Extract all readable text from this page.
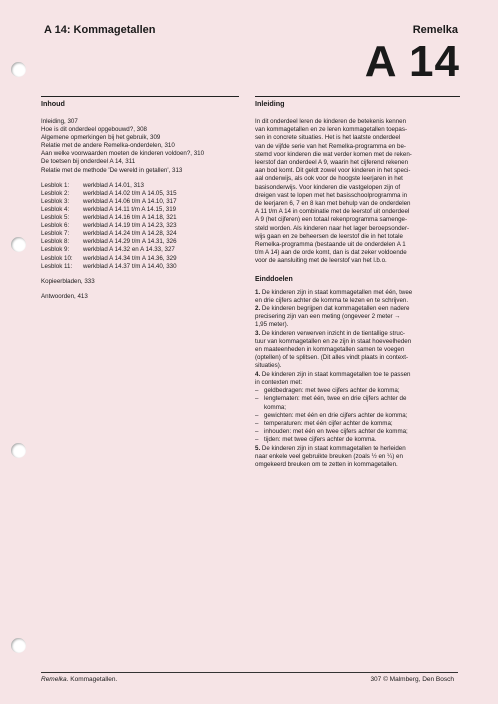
A 14: Kommagetallen	Remelka
A 14
Inhoud
Inleiding, 307
Hoe is dit onderdeel opgebouwd?, 308
Algemene opmerkingen bij het gebruik, 309
Relatie met de andere Remelka-onderdelen, 310
Aan welke voorwaarden moeten de kinderen voldoen?, 310
De toetsen bij onderdeel A 14, 311
Relatie met de methode 'De wereld in getallen', 313
Lesblok 1:	werkblad A 14.01, 313
Lesblok 2:	werkblad A 14.02 t/m A 14.05, 315
Lesblok 3:	werkblad A 14.06 t/m A 14.10, 317
Lesblok 4:	werkblad A 14.11 t/m A 14.15, 319
Lesblok 5:	werkblad A 14.16 t/m A 14.18, 321
Lesblok 6:	werkblad A 14.19 t/m A 14.23, 323
Lesblok 7:	werkblad A 14.24 t/m A 14.28, 324
Lesblok 8:	werkblad A 14.29 t/m A 14.31, 326
Lesblok 9:	werkblad A 14.32 en A 14.33, 327
Lesblok 10:	werkblad A 14.34 t/m A 14.36, 329
Lesblok 11:	werkblad A 14.37 t/m A 14.40, 330
Kopieerbladen, 333
Antwoorden, 413
Inleiding
In dit onderdeel leren de kinderen de betekenis kennen
van kommagetallen en ze leren kommagetallen toepas-
sen in concrete situaties. Het is het laatste onderdeel
van de vijfde serie van het Remelka-programma en be-
stemd voor kinderen die wat verder komen met de reken-
leerstof dan onderdeel A 9, waarin het cijferend rekenen
aan bod komt. Dit geldt zowel voor kinderen in het speci-
aal onderwijs, als ook voor de hoogste leerjaren in het
basisonderwijs. Voor kinderen die vastgelopen zijn of
dreigen vast te lopen met het basisschoolprogramma in
de leerjaren 6, 7 en 8 kan met behulp van de onderdelen
A 11 t/m A 14 in combinatie met de leerstof uit onderdeel
A 9 (het cijferen) een totaal rekenprogramma samenge-
steld worden. Als kinderen naar het lager beroepsonder-
wijs gaan en ze beheersen de leerstof die in het totale
Remelka-programma (bestaande uit de onderdelen A 1
t/m A 14) aan de orde komt, dan is dat zeker voldoende
voor de aansluiting met de leerstof van het l.b.o.
Einddoelen
1. De kinderen zijn in staat kommagetallen met één, twee
en drie cijfers achter de komma te lezen en te schrijven.
2. De kinderen begrijpen dat kommagetallen een nadere
precisering zijn van een meting (ongeveer 2 meter →
1,95 meter).
3. De kinderen verwerven inzicht in de tientallige struc-
tuur van kommagetallen en ze zijn in staat hoeveelheden
en maateenheden in kommagetallen samen te voegen
(optellen) of te splitsen. (Dit alles vindt plaats in context-
situaties).
4. De kinderen zijn in staat kommagetallen toe te passen
in contexten met:
– geldbedragen: met twee cijfers achter de komma;
– lengtematen: met één, twee en drie cijfers achter de
komma;
– gewichten: met één en drie cijfers achter de komma;
– temperaturen: met één cijfer achter de komma;
– inhouden: met één en twee cijfers achter de komma;
– tijden: met twee cijfers achter de komma.
5. De kinderen zijn in staat kommagetallen te herleiden
naar enkele veel gebruikte breuken (zoals ½ en ¼) en
omgekeerd breuken om te zetten in kommagetallen.
Remelka. Kommagetallen.	307 © Malmberg, Den Bosch
